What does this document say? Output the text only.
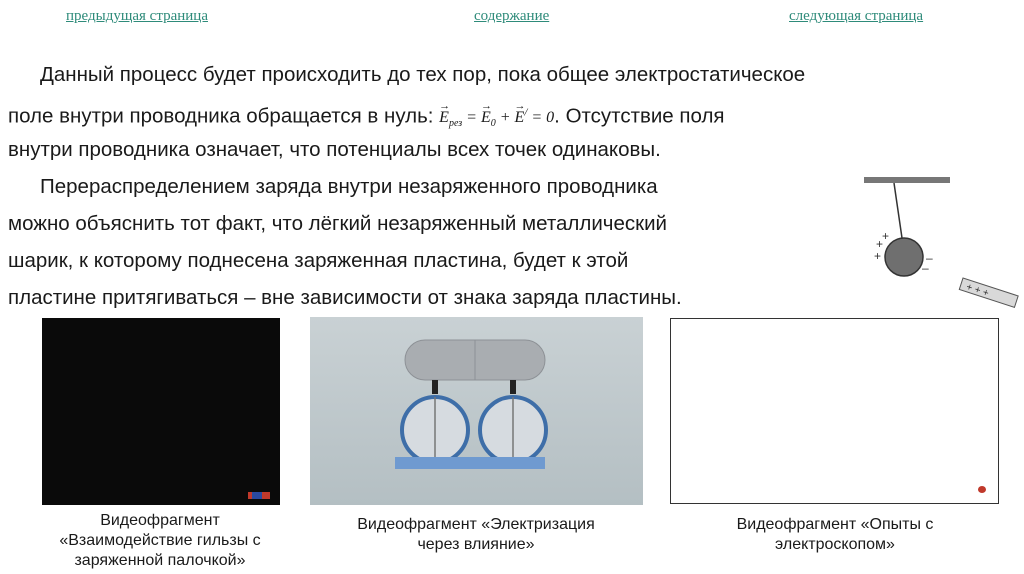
предыдущая страница	содержание	следующая страница
Данный процесс будет происходить до тех пор, пока общее электростатическое
поле внутри проводника обращается в нуль: → $E_{рез}$ = → $E_0$ + → E/ = 0. Отсутствие поля
внутри проводника означает, что потенциалы всех точек одинаковы.
Перераспределением заряда внутри незаряженного проводника
можно объяснить тот факт, что лёгкий незаряженный металлический
шарик, к которому поднесена заряженная пластина, будет к этой
пластине притягиваться – вне зависимости от знака заряда пластины.
+
+
+	–
–
+ + +
Видеофрагмент
«Взаимодействие гильзы с
заряженной палочкой»
Видеофрагмент «Электризация
через влияние»
Видеофрагмент «Опыты с
электроскопом»
